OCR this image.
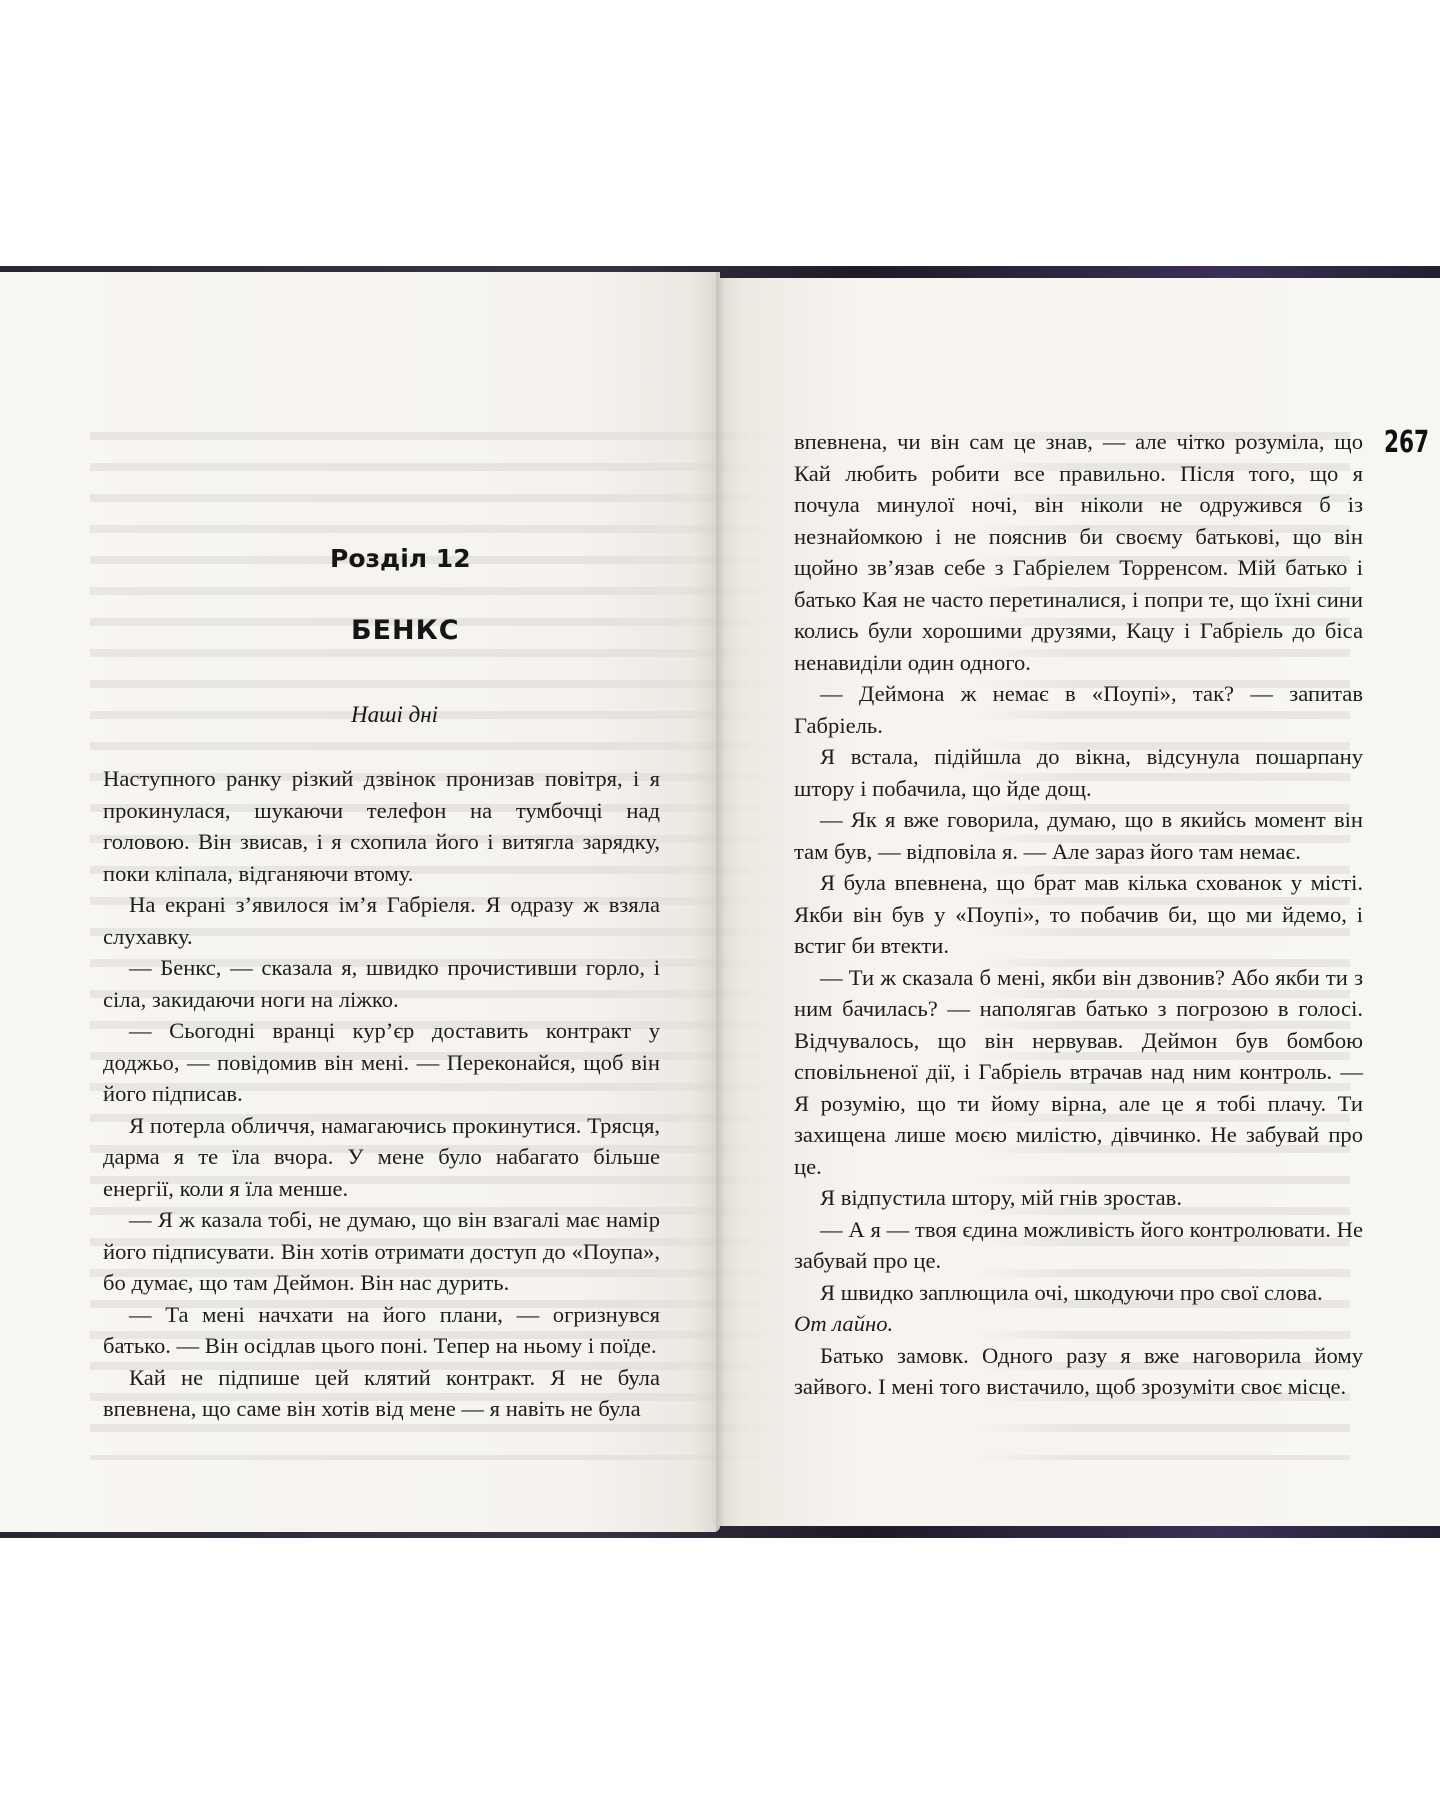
Розділ 12
БЕНКС
Наші дні

Наступного ранку різкий дзвінок пронизав повітря, і я прокинулася, шукаючи телефон на тумбочці над головою. Він звисав, і я схопила його і витягла зарядку, поки кліпала, відганяючи втому.

На екрані з’явилося ім’я Габріеля. Я одразу ж взяла слухавку.

— Бенкс, — сказала я, швидко прочистивши горло, і сіла, закидаючи ноги на ліжко.

— Сьогодні вранці кур’єр доставить контракт у доджьо, — повідомив він мені. — Переконайся, щоб він його підписав.

Я потерла обличчя, намагаючись прокинутися. Трясця, дарма я те їла вчора. У мене було набагато більше енергії, коли я їла менше.

— Я ж казала тобі, не думаю, що він взагалі має намір його підписувати. Він хотів отримати доступ до «Поупа», бо думає, що там Деймон. Він нас дурить.

— Та мені начхати на його плани, — огризнувся батько. — Він осідлав цього поні. Тепер на ньому і поїде.

Кай не підпише цей клятий контракт. Я не була впевнена, що саме він хотів від мене — я навіть не була

267

впевнена, чи він сам це знав, — але чітко розуміла, що Кай любить робити все правильно. Після того, що я почула минулої ночі, він ніколи не одружився б із незнайомкою і не пояснив би своєму батькові, що він щойно зв’язав себе з Габріелем Торренсом. Мій батько і батько Кая не часто перетиналися, і попри те, що їхні сини колись були хорошими друзями, Кацу і Габріель до біса ненавиділи один одного.

— Деймона ж немає в «Поупі», так? — запитав Габріель.

Я встала, підійшла до вікна, відсунула пошарпану штору і побачила, що йде дощ.

— Як я вже говорила, думаю, що в якийсь момент він там був, — відповіла я. — Але зараз його там немає.

Я була впевнена, що брат мав кілька схованок у місті. Якби він був у «Поупі», то побачив би, що ми йдемо, і встиг би втекти.

— Ти ж сказала б мені, якби він дзвонив? Або якби ти з ним бачилась? — наполягав батько з погрозою в голосі. Відчувалось, що він нервував. Деймон був бомбою сповільненої дії, і Габріель втрачав над ним контроль. — Я розумію, що ти йому вірна, але це я тобі плачу. Ти захищена лише моєю милістю, дівчинко. Не забувай про це.

Я відпустила штору, мій гнів зростав.

— А я — твоя єдина можливість його контролювати. Не забувай про це.

Я швидко заплющила очі, шкодуючи про свої слова.

От лайно.

Батько замовк. Одного разу я вже наговорила йому зайвого. І мені того вистачило, щоб зрозуміти своє місце.
